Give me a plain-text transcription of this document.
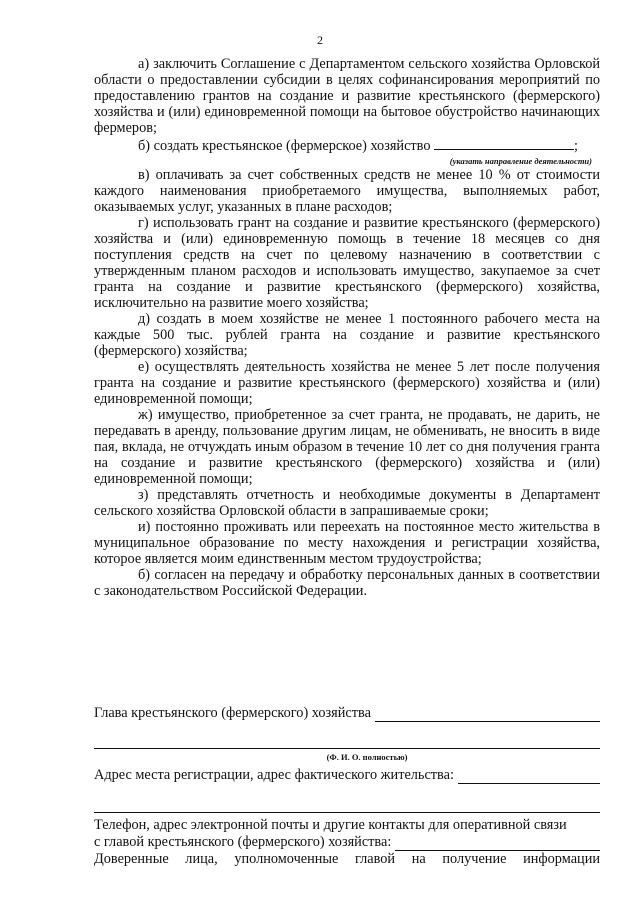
2

а) заключить Соглашение с Департаментом сельского хозяйства Орловской области о предоставлении субсидии в целях софинансирования мероприятий по предоставлению грантов на создание и развитие крестьянского (фермерского) хозяйства и (или) единовременной помощи на бытовое обустройство начинающих фермеров;

б) создать крестьянское (фермерское) хозяйство	;

(указать направление деятельности)

в) оплачивать за счет собственных средств не менее 10 % от стоимости каждого наименования приобретаемого имущества, выполняемых работ, оказываемых услуг, указанных в плане расходов;

г) использовать грант на создание и развитие крестьянского (фермерского) хозяйства и (или) единовременную помощь в течение 18 месяцев со дня поступления средств на счет по целевому назначению в соответствии с утвержденным планом расходов и использовать имущество, закупаемое за счет гранта на создание и развитие крестьянского (фермерского) хозяйства, исключительно на развитие моего хозяйства;

д) создать в моем хозяйстве не менее 1 постоянного рабочего места на каждые 500 тыс. рублей гранта на создание и развитие крестьянского (фермерского) хозяйства;

е) осуществлять деятельность хозяйства не менее 5 лет после получения гранта на создание и развитие крестьянского (фермерского) хозяйства и (или) единовременной помощи;

ж) имущество, приобретенное за счет гранта, не продавать, не дарить, не передавать в аренду, пользование другим лицам, не обменивать, не вносить в виде пая, вклада, не отчуждать иным образом в течение 10 лет со дня получения гранта на создание и развитие крестьянского (фермерского) хозяйства и (или) единовременной помощи;

з) представлять отчетность и необходимые документы в Департамент сельского хозяйства Орловской области в запрашиваемые сроки;

и) постоянно проживать или переехать на постоянное место жительства в муниципальное образование по месту нахождения и регистрации хозяйства, которое является моим единственным местом трудоустройства;

б) согласен на передачу и обработку персональных данных в соответствии с законодательством Российской Федерации.

Глава крестьянского (фермерского) хозяйства
(Ф. И. О. полностью)
Адрес места регистрации, адрес фактического жительства:
Телефон, адрес электронной почты и другие контакты для оперативной связи
с главой крестьянского (фермерского) хозяйства:
Доверенные лица, уполномоченные главой на получение информации
